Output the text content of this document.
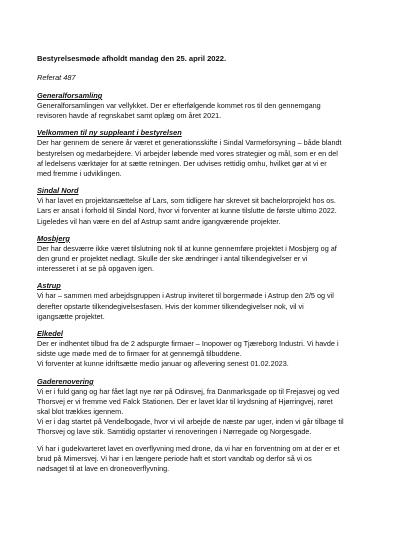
Bestyrelsesmøde afholdt mandag den 25. april 2022.

Referat 487

Generalforsamling

Generalforsamlingen var vellykket. Der er efterfølgende kommet ros til den gennemgang

revisoren havde af regnskabet samt oplæg om året 2021.

Velkommen til ny suppleant i bestyrelsen

Der har gennem de senere år været et generationsskifte i Sindal Varmeforsyning – både blandt

bestyrelsen og medarbejdere. Vi arbejder løbende med vores strategier og mål, som er en del

af ledelsens værktøjer for at sætte retningen. Der udvises rettidig omhu, hvilket gør at vi er

med fremme i udviklingen.

Sindal Nord

Vi har lavet en projektansættelse af Lars, som tidligere har skrevet sit bachelorprojekt hos os.

Lars er ansat i forhold til Sindal Nord, hvor vi forventer at kunne tilslutte de første ultimo 2022.

Ligeledes vil han være en del af Astrup samt andre igangværende projekter.

Mosbjerg

Der har desværre ikke været tilslutning nok til at kunne gennemføre projektet i Mosbjerg og af

den grund er projektet nedlagt. Skulle der ske ændringer i antal tilkendegivelser er vi

interesseret i at se på opgaven igen.

Astrup

Vi har – sammen med arbejdsgruppen i Astrup inviteret til borgermøde i Astrup den 2/5 og vil

derefter opstarte tilkendegivelsesfasen. Hvis der kommer tilkendegivelser nok, vil vi

igangsætte projektet.

Elkedel

Der er indhentet tilbud fra de 2 adspurgte firmaer – Inopower og Tjæreborg Industri. Vi havde i

sidste uge møde med de to firmaer for at gennemgå tilbuddene.

Vi forventer at kunne idriftsætte medio januar og aflevering senest 01.02.2023.

Gaderenovering

Vi er i fuld gang og har fået lagt nye rør på Odinsvej, fra Danmarksgade op til Frejasvej og ved

Thorsvej er vi fremme ved Falck Stationen. Der er lavet klar til krydsning af Hjørringvej, røret

skal blot trækkes igennem.

Vi er i dag startet på Vendelbogade, hvor vi vil arbejde de næste par uger, inden vi går tilbage til

Thorsvej og lave stik. Samtidig opstarter vi renoveringen i Nørregade og Norgesgade.

Vi har i gudekvarteret lavet en overflyvning med drone, da vi har en forventning om at der er et

brud på Mimersvej. Vi har i en længere periode haft et stort vandtab og derfor så vi os

nødsaget til at lave en droneoverflyvning.
